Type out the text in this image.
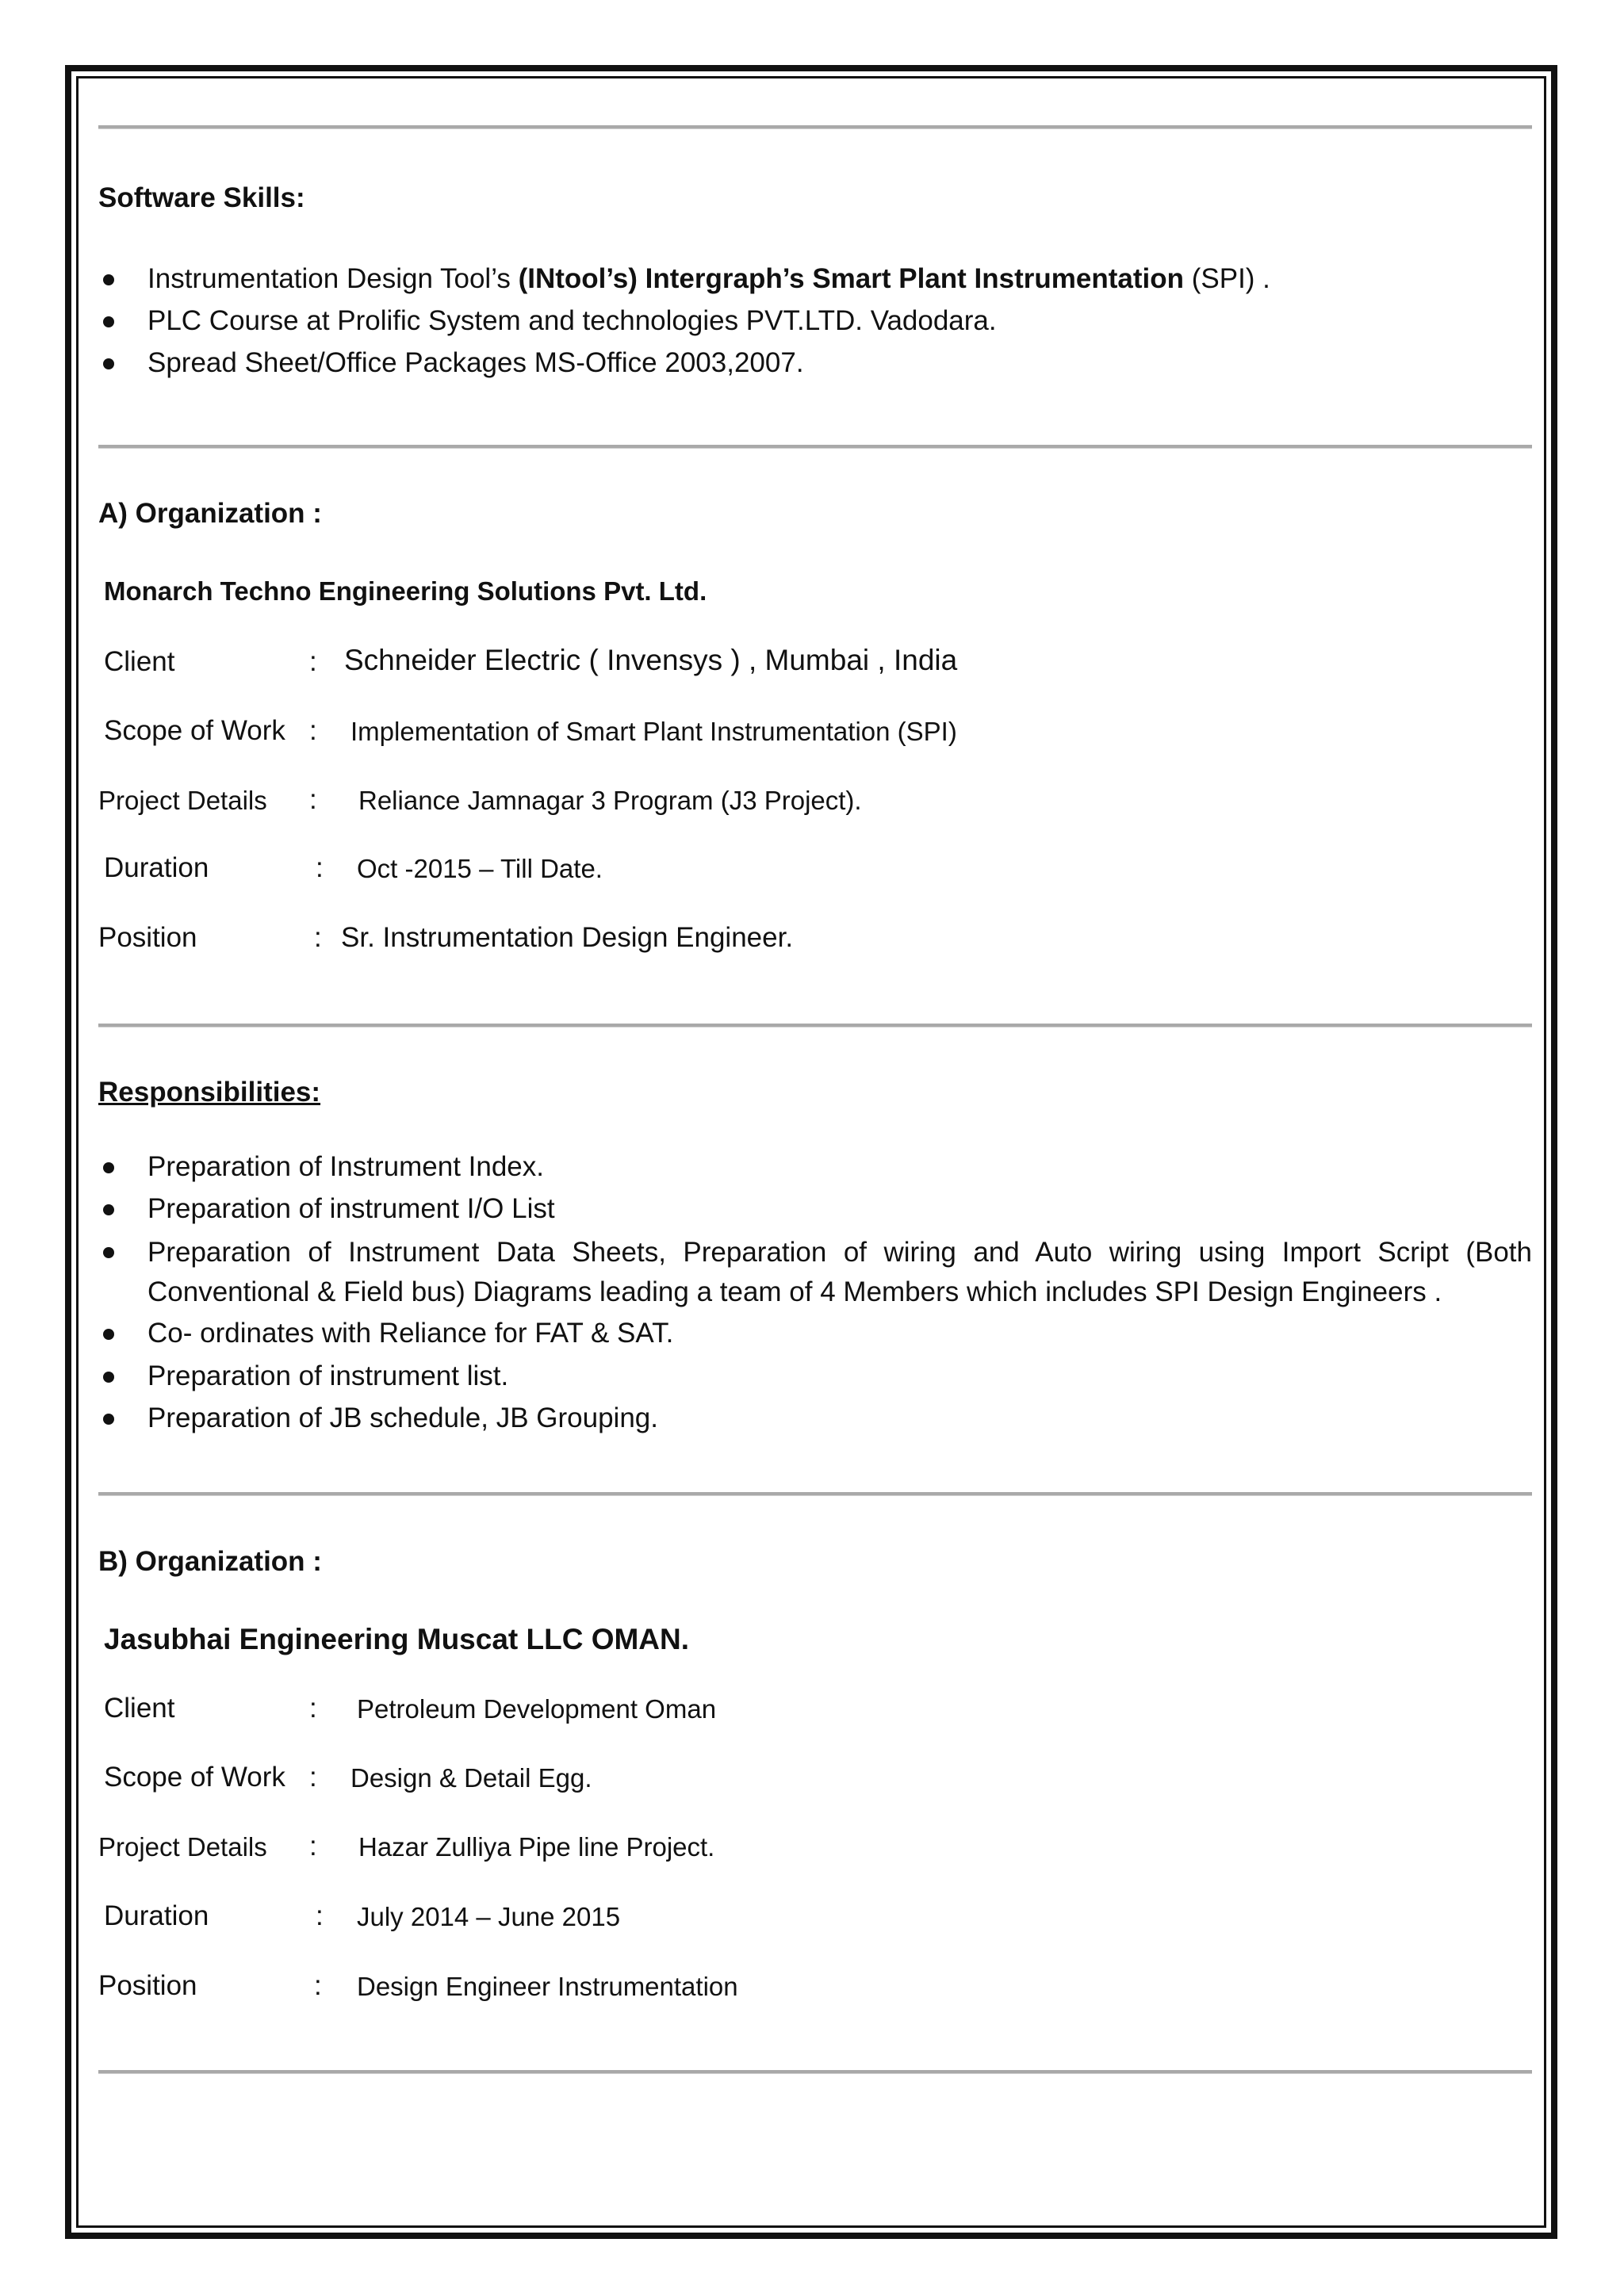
Software Skills:
Instrumentation Design Tool’s (INtool’s) Intergraph’s Smart Plant Instrumentation (SPI) .
PLC Course at Prolific System and technologies PVT.LTD. Vadodara.
Spread Sheet/Office Packages MS-Office 2003,2007.
A) Organization :
Monarch Techno Engineering Solutions Pvt. Ltd.
Client	: Schneider Electric ( Invensys ) , Mumbai , India
Scope of Work : Implementation of Smart Plant Instrumentation (SPI)
Project Details : Reliance Jamnagar 3 Program (J3 Project).
Duration	: Oct -2015 – Till Date.
Position	: Sr. Instrumentation Design Engineer.
Responsibilities:
Preparation of Instrument Index.
Preparation of instrument I/O List
Preparation of Instrument Data Sheets, Preparation of wiring and Auto wiring using Import Script (Both Conventional & Field bus) Diagrams leading a team of 4 Members which includes SPI Design Engineers .
Co- ordinates with Reliance for FAT & SAT.
Preparation of instrument list.
Preparation of JB schedule, JB Grouping.
B) Organization :
Jasubhai Engineering Muscat LLC OMAN.
Client	: Petroleum Development Oman
Scope of Work : Design & Detail Egg.
Project Details : Hazar Zulliya Pipe line Project.
Duration	: July 2014 – June 2015
Position	: Design Engineer Instrumentation
